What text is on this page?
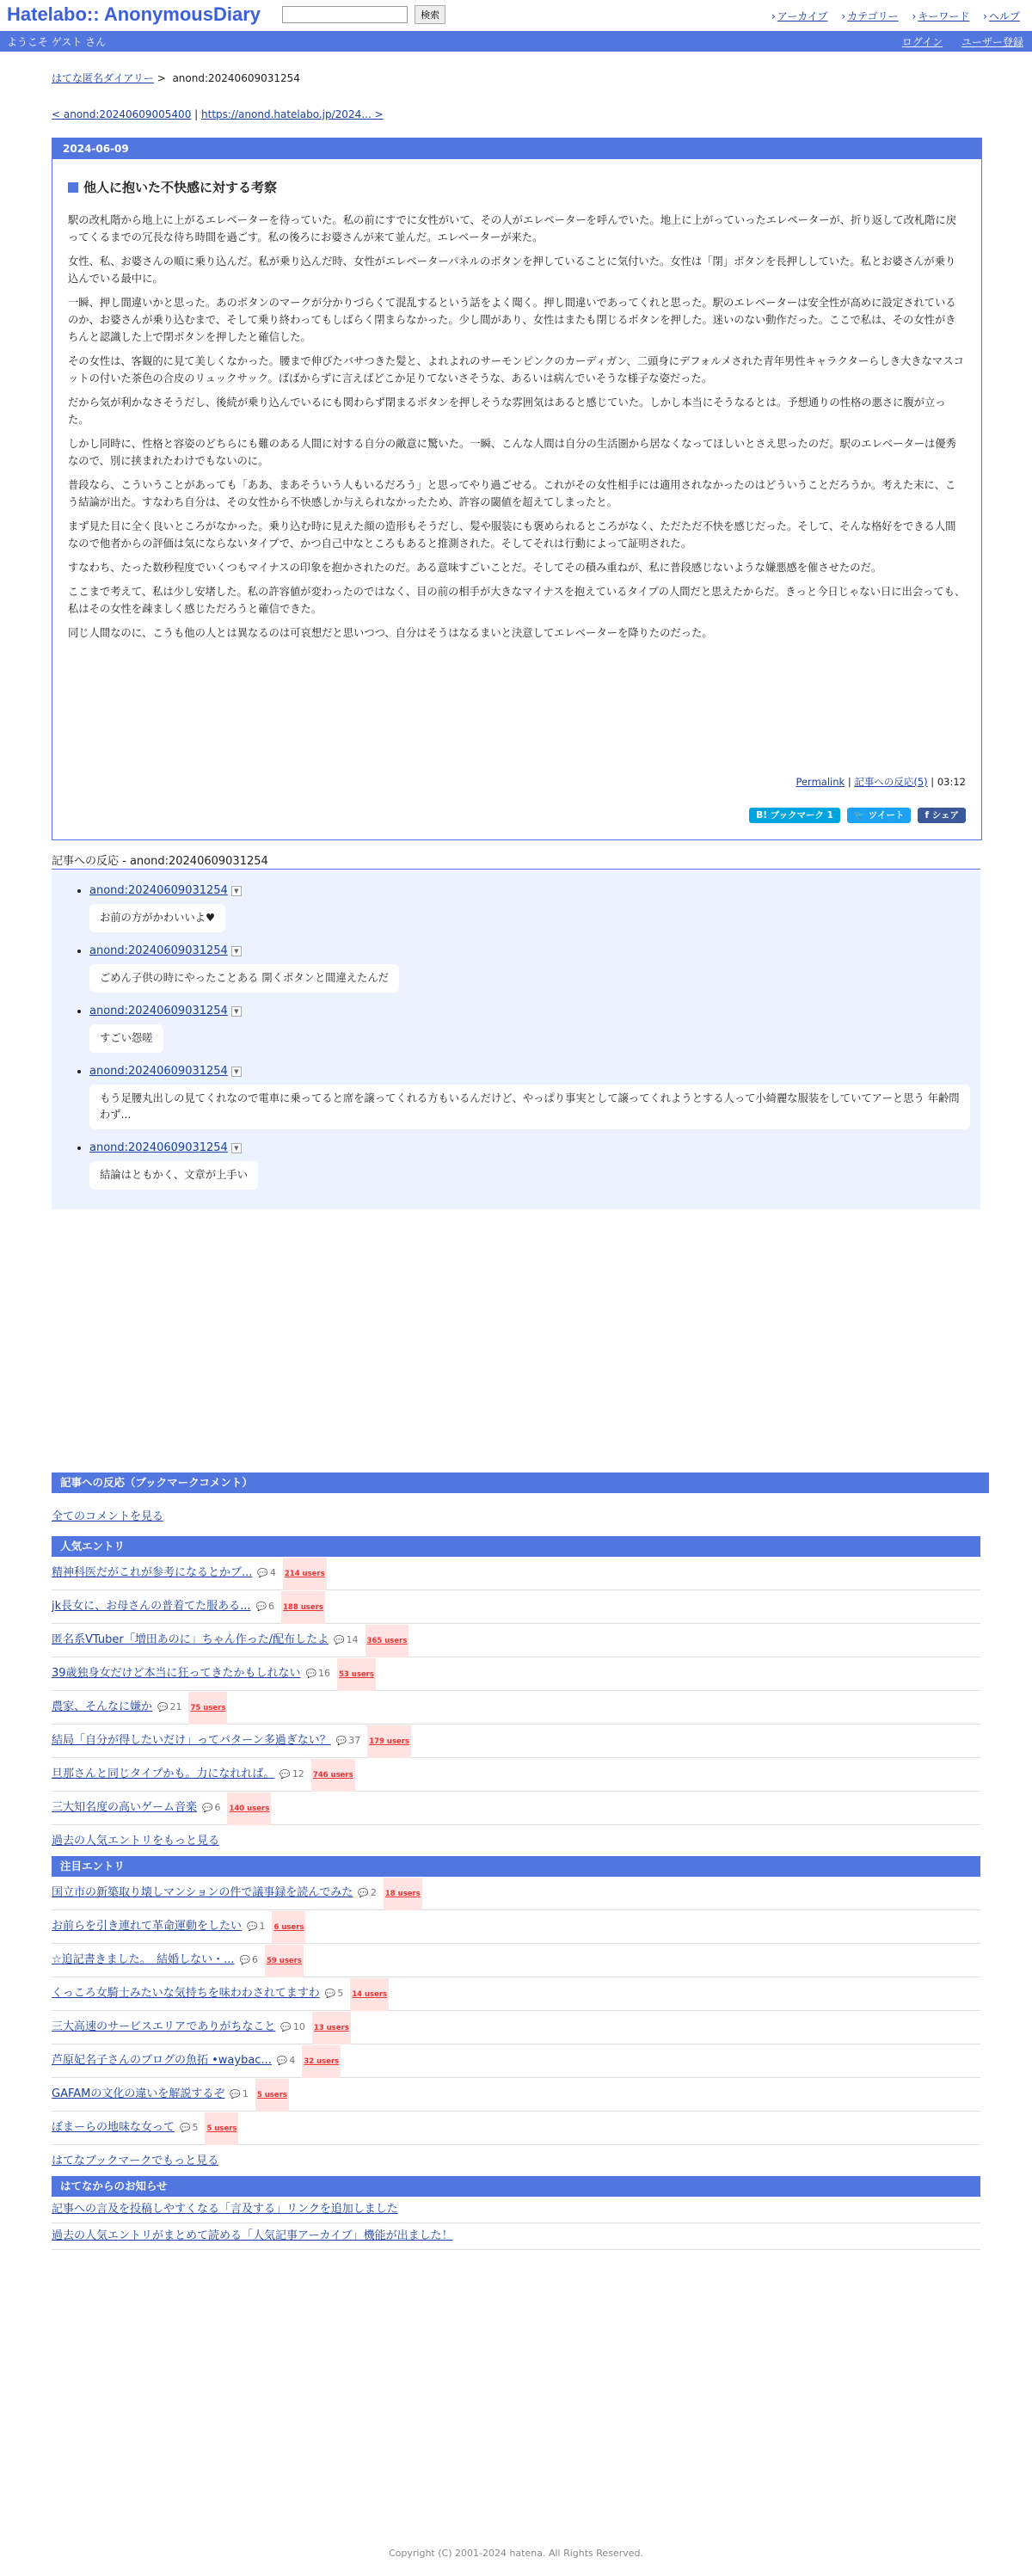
Hatelabo:: AnonymousDiary	検索	› アーカイブ › カテゴリー › キーワード › ヘルプ
ようこそ ゲスト さん	ログイン ユーザー登録
はてな匿名ダイアリー > anond:20240609031254
< anond:20240609005400 | https://anond.hatelabo.jp/2024... >
2024-06-09
他人に抱いた不快感に対する考察

駅の改札階から地上に上がるエレベーターを待っていた。私の前にすでに女性がいて、その人がエレベーターを呼んでいた。地上に上がっていったエレベーターが、折り返して改札階に戻ってくるまでの冗長な待ち時間を過ごす。私の後ろにお婆さんが来て並んだ。エレベーターが来た。

女性、私、お婆さんの順に乗り込んだ。私が乗り込んだ時、女性がエレベーターパネルのボタンを押していることに気付いた。女性は「閉」ボタンを長押ししていた。私とお婆さんが乗り込んでいる最中に。

一瞬、押し間違いかと思った。あのボタンのマークが分かりづらくて混乱するという話をよく聞く。押し間違いであってくれと思った。駅のエレベーターは安全性が高めに設定されているのか、お婆さんが乗り込むまで、そして乗り終わってもしばらく閉まらなかった。少し間があり、女性はまたも閉じるボタンを押した。迷いのない動作だった。ここで私は、その女性がきちんと認識した上で閉ボタンを押したと確信した。

その女性は、客観的に見て美しくなかった。腰まで伸びたバサつきた髪と、よれよれのサーモンピンクのカーディガン、二頭身にデフォルメされた青年男性キャラクターらしき大きなマスコットの付いた茶色の合皮のリュックサック。ばばからずに言えばどこか足りてないさそうな、あるいは病んでいそうな様子な姿だった。

だから気が利かなさそうだし、後続が乗り込んでいるにも関わらず閉まるボタンを押しそうな雰囲気はあると感じていた。しかし本当にそうなるとは。予想通りの性格の悪さに腹が立った。

しかし同時に、性格と容姿のどちらにも難のある人間に対する自分の敵意に驚いた。一瞬、こんな人間は自分の生活圏から居なくなってほしいとさえ思ったのだ。駅のエレベーターは優秀なので、別に挟まれたわけでもないのに。

普段なら、こういうことがあっても「ああ、まあそういう人もいるだろう」と思ってやり過ごせる。これがその女性相手には適用されなかったのはどういうことだろうか。考えた末に、こう結論が出た。すなわち自分は、その女性から不快感しか与えられなかったため、許容の閾値を超えてしまったと。

まず見た目に全く良いところがなかった。乗り込む時に見えた顔の造形もそうだし、髪や服装にも褒められるところがなく、ただただ不快を感じだった。そして、そんな格好をできる人間なので他者からの評価は気にならないタイプで、かつ自己中なところもあると推測された。そしてそれは行動によって証明された。

すなわち、たった数秒程度でいくつもマイナスの印象を抱かされたのだ。ある意味すごいことだ。そしてその積み重ねが、私に普段感じないような嫌悪感を催させたのだ。

ここまで考えて、私は少し安堵した。私の許容値が変わったのではなく、目の前の相手が大きなマイナスを抱えているタイプの人間だと思えたからだ。きっと今日じゃない日に出会っても、私はその女性を疎ましく感じただろうと確信できた。

同じ人間なのに、こうも他の人とは異なるのは可哀想だと思いつつ、自分はそうはなるまいと決意してエレベーターを降りたのだった。

Permalink | 記事への反応(5) | 03:12
B! ブックマーク 1 🐦 ツイート f シェア
記事への反応 - anond:20240609031254
• anond:20240609031254 ▼
お前の方がかわいいよ♥
• anond:20240609031254 ▼
ごめん子供の時にやったことある 開くボタンと間違えたんだ
• anond:20240609031254 ▼
すごい怨嗟
• anond:20240609031254 ▼
もう足腰丸出しの見てくれなので電車に乗ってると席を譲ってくれる方もいるんだけど、やっぱり事実として譲ってくれようとする人って小綺麗な服装をしていてアーと思う 年齢問わず...
• anond:20240609031254 ▼
結論はともかく、文章が上手い
記事への反応（ブックマークコメント）
全てのコメントを見る
人気エントリ
精神科医だがこれが参考になるとかブ... 💬 4 214 users
jk長女に、お母さんの普着てた服ある... 💬 6 188 users
匿名系VTuber「増田あのに」ちゃん作った/配布したよ 💬 14 365 users
39歳独身女だけど本当に狂ってきたかもしれない 💬 16 53 users
農家、そんなに嫌か 💬 21 75 users
結局「自分が得したいだけ」ってパターン多過ぎない？ 💬 37 179 users
旦那さんと同じタイプかも。力になれれば。 💬 12 746 users
三大知名度の高いゲーム音楽 💬 6 140 users
過去の人気エントリをもっと見る
注目エントリ
国立市の新築取り壊しマンションの件で議事録を読んでみた 💬 2 18 users
お前らを引き連れて革命運動をしたい 💬 1 6 users
☆追記書きました。　結婚しない・... 💬 6 59 users
くっころ女騎士みたいな気持ちを味わわされてますわ 💬 5 14 users
三大高速のサービスエリアでありがちなこと 💬 10 13 users
芦原妃名子さんのブログの魚拓 •waybac... 💬 4 32 users
GAFAMの文化の違いを解説するぞ 💬 1 5 users
ぼまーらの地味な女って 💬 5 5 users
はてなブックマークでもっと見る
はてなからのお知らせ
記事への言及を投稿しやすくなる「言及する」リンクを追加しました
過去の人気エントリがまとめて読める「人気記事アーカイブ」機能が出ました！
Copyright (C) 2001-2024 hatena. All Rights Reserved.
